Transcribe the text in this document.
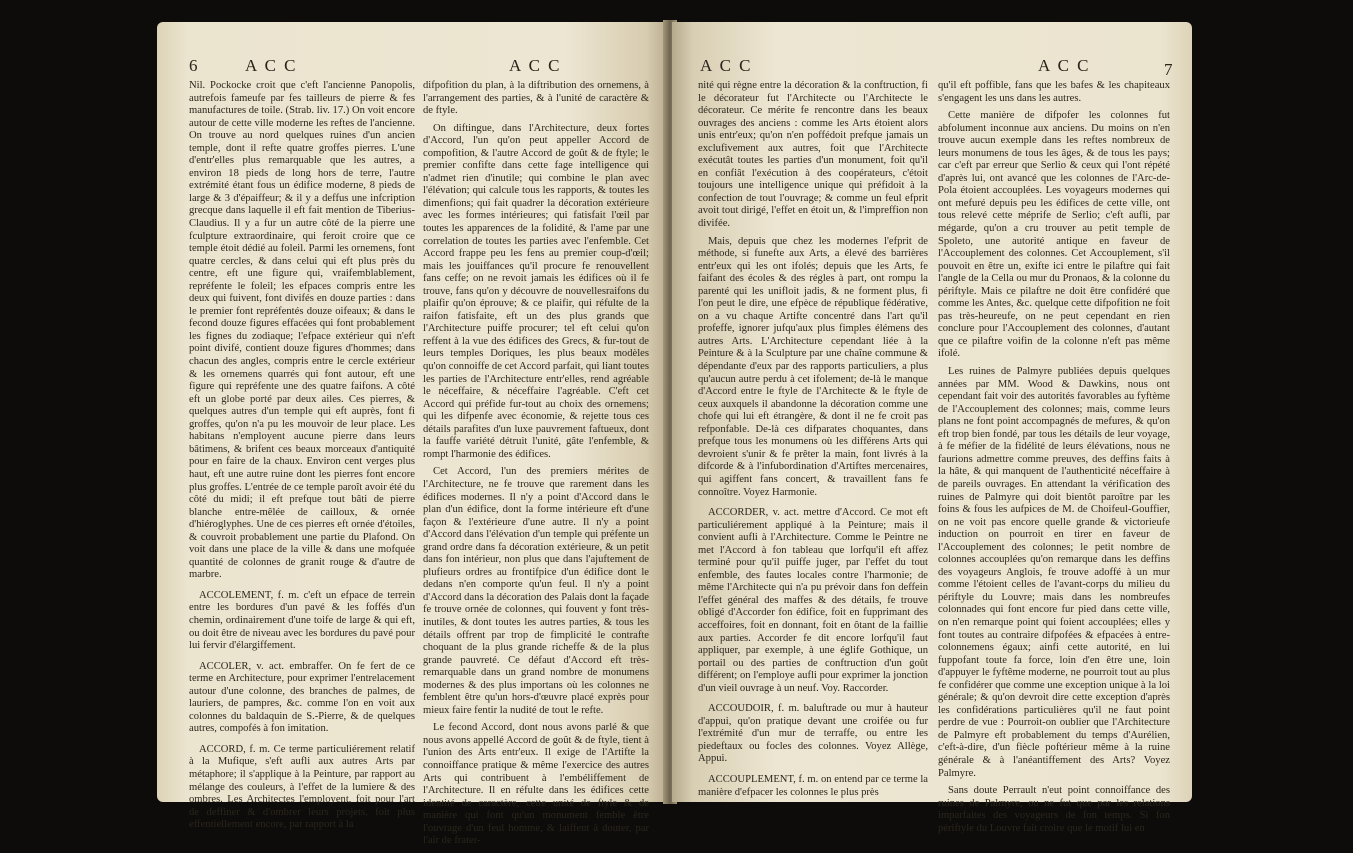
6	A C C	A C C

Nil. Pockocke croit que c'eft l'ancienne Panopolis, autrefois fameufe par fes tailleurs de pierre & fes manufactures de toile. (Strab. liv. 17.) On voit encore autour de cette ville moderne les reftes de l'ancienne. On trouve au nord quelques ruines d'un ancien temple, dont il refte quatre groffes pierres. L'une d'entr'elles plus remarquable que les autres, a environ 18 pieds de long hors de terre, l'autre extrémité étant fous un édifice moderne, 8 pieds de large & 3 d'épaiffeur; & il y a deffus une infcription grecque dans laquelle il eft fait mention de Tiberius-Claudius. Il y a fur un autre côté de la pierre une fculpture extraordinaire, qui feroit croire que ce temple étoit dédié au foleil. Parmi les ornemens, font quatre cercles, & dans celui qui eft plus près du centre, eft une figure qui, vraifemblablement, repréfente le foleil; les efpaces compris entre les deux qui fuivent, font divifés en douze parties : dans le premier font repréfentés douze oifeaux; & dans le fecond douze figures effacées qui font probablement les fignes du zodiaque; l'efpace extérieur qui n'eft point divifé, contient douze figures d'hommes; dans chacun des angles, compris entre le cercle extérieur & les ornemens quarrés qui font autour, eft une figure qui repréfente une des quatre faifons. A côté eft un globe porté par deux ailes. Ces pierres, & quelques autres d'un temple qui eft auprès, font fi groffes, qu'on n'a pu les mouvoir de leur place. Les habitans n'employent aucune pierre dans leurs bâtimens, & brifent ces beaux morceaux d'antiquité pour en faire de la chaux. Environ cent verges plus haut, eft une autre ruine dont les pierres font encore plus groffes. L'entrée de ce temple paroît avoir été du côté du midi; il eft prefque tout bâti de pierre blanche entre-mêlée de cailloux, & ornée d'hiéroglyphes. Une de ces pierres eft ornée d'étoiles, & couvroit probablement une partie du Plafond. On voit dans une place de la ville & dans une mofquée quantité de colonnes de granit rouge & d'autre de marbre.

ACCOLEMENT, f. m. c'eft un efpace de terrein entre les bordures d'un pavé & les foffés d'un chemin, ordinairement d'une toife de large & qui eft, ou doit être de niveau avec les bordures du pavé pour lui fervir d'élargiffement.

ACCOLER, v. act. embraffer. On fe fert de ce terme en Architecture, pour exprimer l'entrelacement autour d'une colonne, des branches de palmes, de lauriers, de pampres, &c. comme l'on en voit aux colonnes du baldaquin de S.-Pierre, & de quelques autres, compofés à fon imitation.

ACCORD, f. m. Ce terme particuliérement relatif à la Mufique, s'eft aufli aux autres Arts par métaphore; il s'applique à la Peinture, par rapport au mélange des couleurs, à l'effet de la lumiere & des ombres. Les Architectes l'employent, foit pour l'art de deffiner & d'ombrer leurs projets, foit plus effentiellement encore, par rapport à la

difpofition du plan, à la diftribution des ornemens, à l'arrangement des parties, & à l'unité de caractère & de ftyle.

On diftingue, dans l'Architecture, deux fortes d'Accord, l'un qu'on peut appeller Accord de compofition, & l'autre Accord de goût & de ftyle; le premier confifte dans cette fage intelligence qui n'admet rien d'inutile; qui combine le plan avec l'élévation; qui calcule tous les rapports, & toutes les dimenfions; qui fait quadrer la décoration extérieure avec les formes intérieures; qui fatisfait l'œil par toutes les apparences de la folidité, & l'ame par une correlation de toutes les parties avec l'enfemble. Cet Accord frappe peu les fens au premier coup-d'œil; mais les jouiffances qu'il procure fe renouvellent fans ceffe; on ne revoit jamais les édifices où il fe trouve, fans qu'on y découvre de nouvellesraifons du plaifir qu'on éprouve; & ce plaifir, qui réfulte de la raifon fatisfaite, eft un des plus grands que l'Architecture puiffe procurer; tel eft celui qu'on reffent à la vue des édifices des Grecs, & fur-tout de leurs temples Doriques, les plus beaux modèles qu'on connoiffe de cet Accord parfait, qui liant toutes les parties de l'Architecture entr'elles, rend agréable le néceffaire, & néceffaire l'agréable. C'eft cet Accord qui préfide fur-tout au choix des ornemens; qui les difpenfe avec économie, & rejette tous ces détails parafites d'un luxe pauvrement faftueux, dont la fauffe variété détruit l'unité, gâte l'enfemble, & rompt l'harmonie des édifices.

Cet Accord, l'un des premiers mérites de l'Architecture, ne fe trouve que rarement dans les édifices modernes. Il n'y a point d'Accord dans le plan d'un édifice, dont la forme intérieure eft d'une façon & l'extérieure d'une autre. Il n'y a point d'Accord dans l'élévation d'un temple qui préfente un grand ordre dans fa décoration extérieure, & un petit dans fon intérieur, non plus que dans l'ajuftement de plufieurs ordres au frontifpice d'un édifice dont le dedans n'en comporte qu'un feul. Il n'y a point d'Accord dans la décoration des Palais dont la façade fe trouve ornée de colonnes, qui fouvent y font très-inutiles, & dont toutes les autres parties, & tous les détails offrent par trop de fimplicité le contrafte choquant de la plus grande richeffe & de la plus grande pauvreté. Ce défaut d'Accord eft très-remarquable dans un grand nombre de monumens modernes & des plus importans où les colonnes ne femblent être qu'un hors-d'œuvre placé exprès pour mieux faire fentir la nudité de tout le refte.

Le fecond Accord, dont nous avons parlé & que nous avons appellé Accord de goût & de ftyle, tient à l'union des Arts entr'eux. Il exige de l'Artifte la connoiffance pratique & même l'exercice des autres Arts qui contribuent à l'embéliffement de l'Architecture. Il en réfulte dans les édifices cette identité de caractère, cette unité de ftyle & de manière qui font qu'un monument femble être l'ouvrage d'un feul homme, & laiffent à douter, par l'air de frater-

A C C	A C C	7

nité qui règne entre la décoration & la conftruction, fi le décorateur fut l'Architecte ou l'Architecte le décorateur. Ce mérite fe rencontre dans les beaux ouvrages des anciens : comme les Arts étoient alors unis entr'eux; qu'on n'en poffédoit prefque jamais un exclufivement aux autres, foit que l'Architecte exécutât toutes les parties d'un monument, foit qu'il en confiât l'exécution à des coopérateurs, c'étoit toujours une intelligence unique qui préfidoit à la confection de tout l'ouvrage; & comme un feul efprit avoit tout dirigé, l'effet en étoit un, & l'impreffion non divifée.

Mais, depuis que chez les modernes l'efprit de méthode, si funefte aux Arts, a élevé des barrières entr'eux qui les ont ifolés; depuis que les Arts, fe faifant des écoles & des régles à part, ont rompu la parenté qui les unifloit jadis, & ne forment plus, fi l'on peut le dire, une efpèce de république fédérative, on a vu chaque Artifte concentré dans l'art qu'il profeffe, ignorer jufqu'aux plus fimples élémens des autres Arts. L'Architecture cependant liée à la Peinture & à la Sculpture par une chaîne commune & dépendante d'eux par des rapports particuliers, a plus qu'aucun autre perdu à cet ifolement; de-là le manque d'Accord entre le ftyle de l'Architecte & le ftyle de ceux auxquels il abandonne la décoration comme une chofe qui lui eft étrangère, & dont il ne fe croit pas refponfable. De-là ces difparates choquantes, dans prefque tous les monumens où les différens Arts qui devroient s'unir & fe prêter la main, font livrés à la difcorde & à l'infubordination d'Artiftes mercenaires, qui agiffent fans concert, & travaillent fans fe connoître. Voyez Harmonie.

ACCORDER, v. act. mettre d'Accord. Ce mot eft particuliérement appliqué à la Peinture; mais il convient aufli à l'Architecture. Comme le Peintre ne met l'Accord à fon tableau que lorfqu'il eft affez terminé pour qu'il puiffe juger, par l'effet du tout enfemble, des fautes locales contre l'harmonie; de même l'Architecte qui n'a pu prévoir dans fon deffein l'effet général des maffes & des détails, fe trouve obligé d'Accorder fon édifice, foit en fupprimant des acceffoires, foit en donnant, foit en ôtant de la faillie aux parties. Accorder fe dit encore lorfqu'il faut appliquer, par exemple, à une églife Gothique, un portail ou des parties de conftruction d'un goût différent; on l'employe aufli pour exprimer la jonction d'un vieil ouvrage à un neuf. Voy. Raccorder.

ACCOUDOIR, f. m. baluftrade ou mur à hauteur d'appui, qu'on pratique devant une croifée ou fur l'extrémité d'un mur de terraffe, ou entre les piedeftaux ou focles des colonnes. Voyez Allège, Appui.

ACCOUPLEMENT, f. m. on entend par ce terme la manière d'efpacer les colonnes le plus près

qu'il eft poffible, fans que les bafes & les chapiteaux s'engagent les uns dans les autres.

Cette manière de difpofer les colonnes fut abfolument inconnue aux anciens. Du moins on n'en trouve aucun exemple dans les reftes nombreux de leurs monumens de tous les âges, & de tous les pays; car c'eft par erreur que Serlio & ceux qui l'ont répété d'après lui, ont avancé que les colonnes de l'Arc-de-Pola étoient accouplées. Les voyageurs modernes qui ont mefuré depuis peu les édifices de cette ville, ont tous relevé cette méprife de Serlio; c'eft aufli, par mégarde, qu'on a cru trouver au petit temple de Spoleto, une autorité antique en faveur de l'Accouplement des colonnes. Cet Accouplement, s'il pouvoit en être un, exifte ici entre le pilaftre qui fait l'angle de la Cella ou mur du Pronaos, & la colonne du périftyle. Mais ce pilaftre ne doit être confidéré que comme les Antes, &c. quelque cette difpofition ne foit pas très-heureufe, on ne peut cependant en rien conclure pour l'Accouplement des colonnes, d'autant que ce pilaftre voifin de la colonne n'eft pas même ifolé.

Les ruines de Palmyre publiées depuis quelques années par MM. Wood & Dawkins, nous ont cependant fait voir des autorités favorables au fyftème de l'Accouplement des colonnes; mais, comme leurs plans ne font point accompagnés de mefures, & qu'on eft trop bien fondé, par tous les détails de leur voyage, à fe méfier de la fidélité de leurs élévations, nous ne faurions admettre comme preuves, des deffins faits à la hâte, & qui manquent de l'authenticité néceffaire à de pareils ouvrages. En attendant la vérification des ruines de Palmyre qui doit bientôt paroître par les foins & fous les aufpices de M. de Choifeul-Gouffier, on ne voit pas encore quelle grande & victorieufe induction on pourroit en tirer en faveur de l'Accouplement des colonnes; le petit nombre de colonnes accouplées qu'on remarque dans les deffins des voyageurs Anglois, fe trouve adoffé à un mur comme l'étoient celles de l'avant-corps du milieu du périftyle du Louvre; mais dans les nombreufes colonnades qui font encore fur pied dans cette ville, on n'en remarque point qui foient accouplées; elles y font toutes au contraire difpofées & efpacées à entre-colonnemens égaux; ainfi cette autorité, en lui fuppofant toute fa force, loin d'en être une, loin d'appuyer le fyftême moderne, ne pourroit tout au plus fe confidérer que comme une exception unique à la loi générale; & qu'on devroit dire cette exception d'après les confidérations particulières qu'il ne faut point perdre de vue : Pourroit-on oublier que l'Architecture de Palmyre eft probablement du temps d'Aurélien, c'eft-à-dire, d'un fiècle poftérieur même à la ruine générale & à l'anéantiffement des Arts? Voyez Palmyre.

Sans doute Perrault n'eut point connoiffance des ruines de Palmyre, ou ne fut que par les relations imparfaites des voyageurs de fon temps. Si fon périftyle du Louvre fait croire que le motif lui en
